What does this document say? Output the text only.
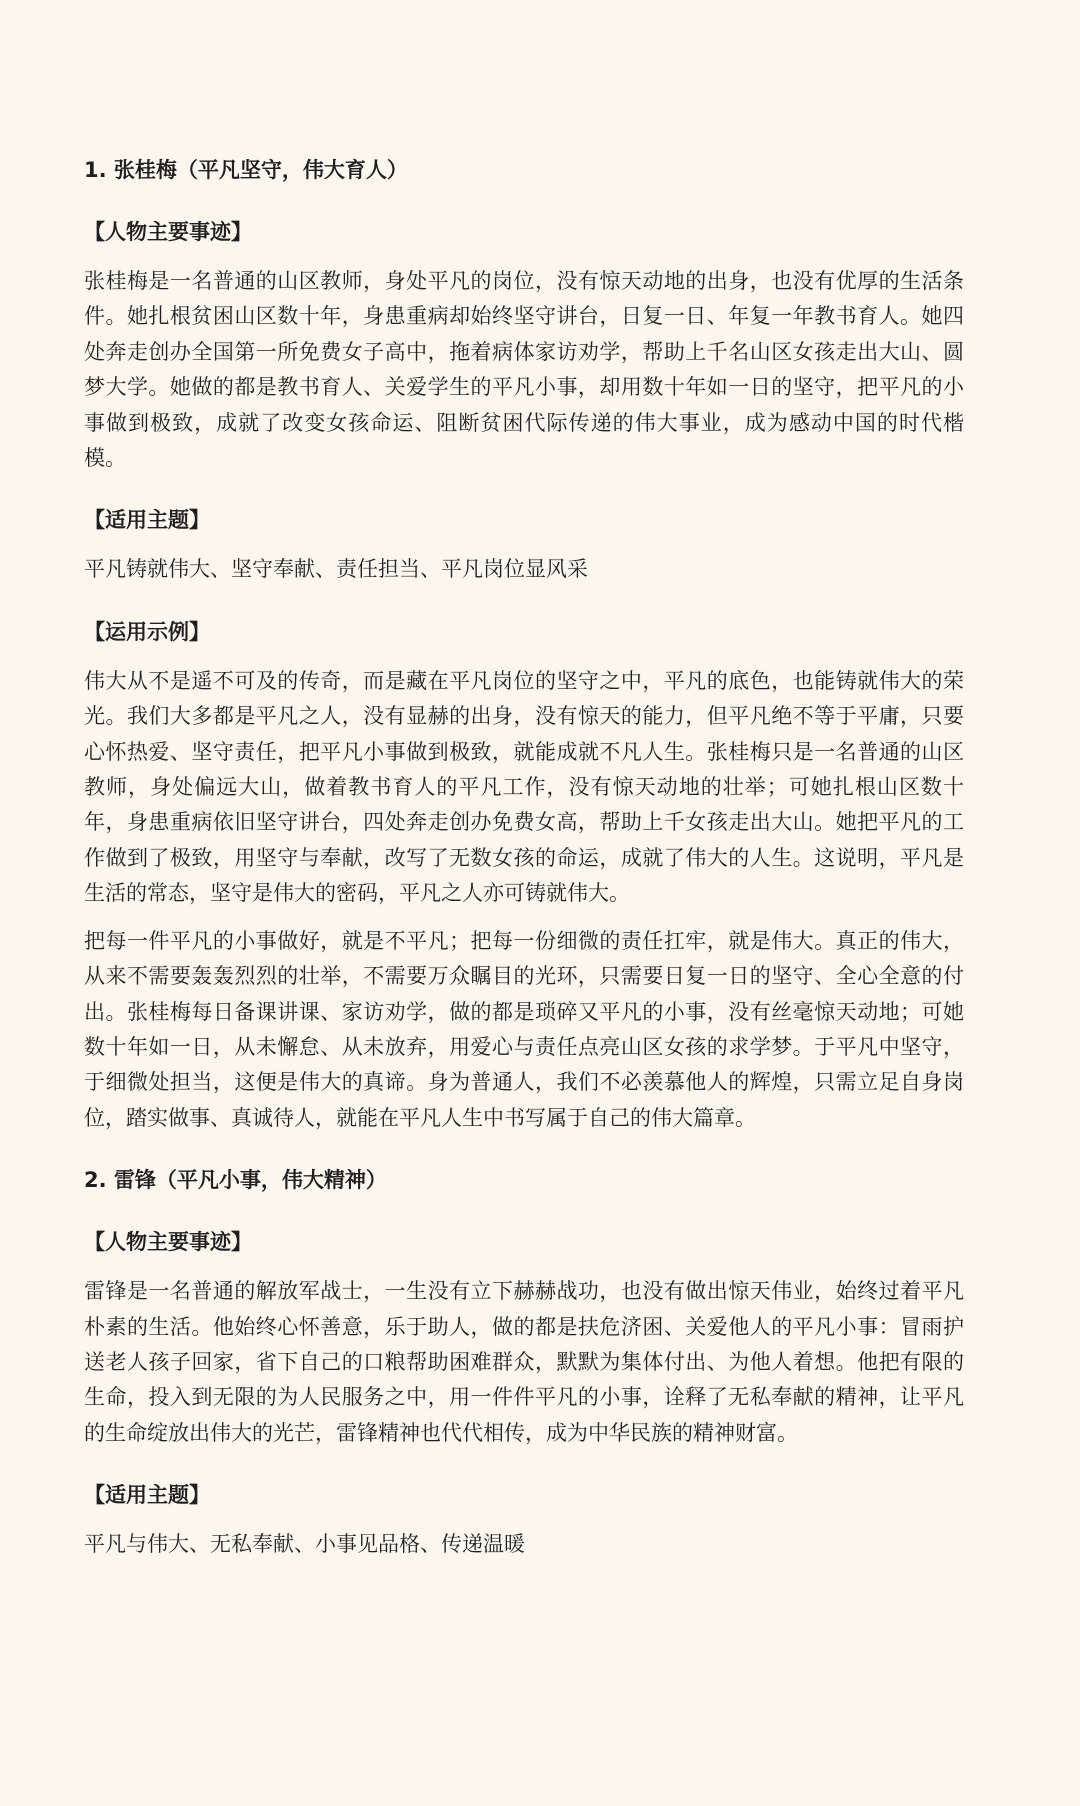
1. 张桂梅（平凡坚守，伟大育人）
【人物主要事迹】

张桂梅是一名普通的山区教师，身处平凡的岗位，没有惊天动地的出身，也没有优厚的生活条件。她扎根贫困山区数十年，身患重病却始终坚守讲台，日复一日、年复一年教书育人。她四处奔走创办全国第一所免费女子高中，拖着病体家访劝学，帮助上千名山区女孩走出大山、圆梦大学。她做的都是教书育人、关爱学生的平凡小事，却用数十年如一日的坚守，把平凡的小事做到极致，成就了改变女孩命运、阻断贫困代际传递的伟大事业，成为感动中国的时代楷模。

【适用主题】

平凡铸就伟大、坚守奉献、责任担当、平凡岗位显风采

【运用示例】

伟大从不是遥不可及的传奇，而是藏在平凡岗位的坚守之中，平凡的底色，也能铸就伟大的荣光。我们大多都是平凡之人，没有显赫的出身，没有惊天的能力，但平凡绝不等于平庸，只要心怀热爱、坚守责任，把平凡小事做到极致，就能成就不凡人生。张桂梅只是一名普通的山区教师，身处偏远大山，做着教书育人的平凡工作，没有惊天动地的壮举；可她扎根山区数十年，身患重病依旧坚守讲台，四处奔走创办免费女高，帮助上千女孩走出大山。她把平凡的工作做到了极致，用坚守与奉献，改写了无数女孩的命运，成就了伟大的人生。这说明，平凡是生活的常态，坚守是伟大的密码，平凡之人亦可铸就伟大。

把每一件平凡的小事做好，就是不平凡；把每一份细微的责任扛牢，就是伟大。真正的伟大，从来不需要轰轰烈烈的壮举，不需要万众瞩目的光环，只需要日复一日的坚守、全心全意的付出。张桂梅每日备课讲课、家访劝学，做的都是琐碎又平凡的小事，没有丝毫惊天动地；可她数十年如一日，从未懈怠、从未放弃，用爱心与责任点亮山区女孩的求学梦。于平凡中坚守，于细微处担当，这便是伟大的真谛。身为普通人，我们不必羡慕他人的辉煌，只需立足自身岗位，踏实做事、真诚待人，就能在平凡人生中书写属于自己的伟大篇章。

2. 雷锋（平凡小事，伟大精神）
【人物主要事迹】

雷锋是一名普通的解放军战士，一生没有立下赫赫战功，也没有做出惊天伟业，始终过着平凡朴素的生活。他始终心怀善意，乐于助人，做的都是扶危济困、关爱他人的平凡小事：冒雨护送老人孩子回家，省下自己的口粮帮助困难群众，默默为集体付出、为他人着想。他把有限的生命，投入到无限的为人民服务之中，用一件件平凡的小事，诠释了无私奉献的精神，让平凡的生命绽放出伟大的光芒，雷锋精神也代代相传，成为中华民族的精神财富。

【适用主题】

平凡与伟大、无私奉献、小事见品格、传递温暖
